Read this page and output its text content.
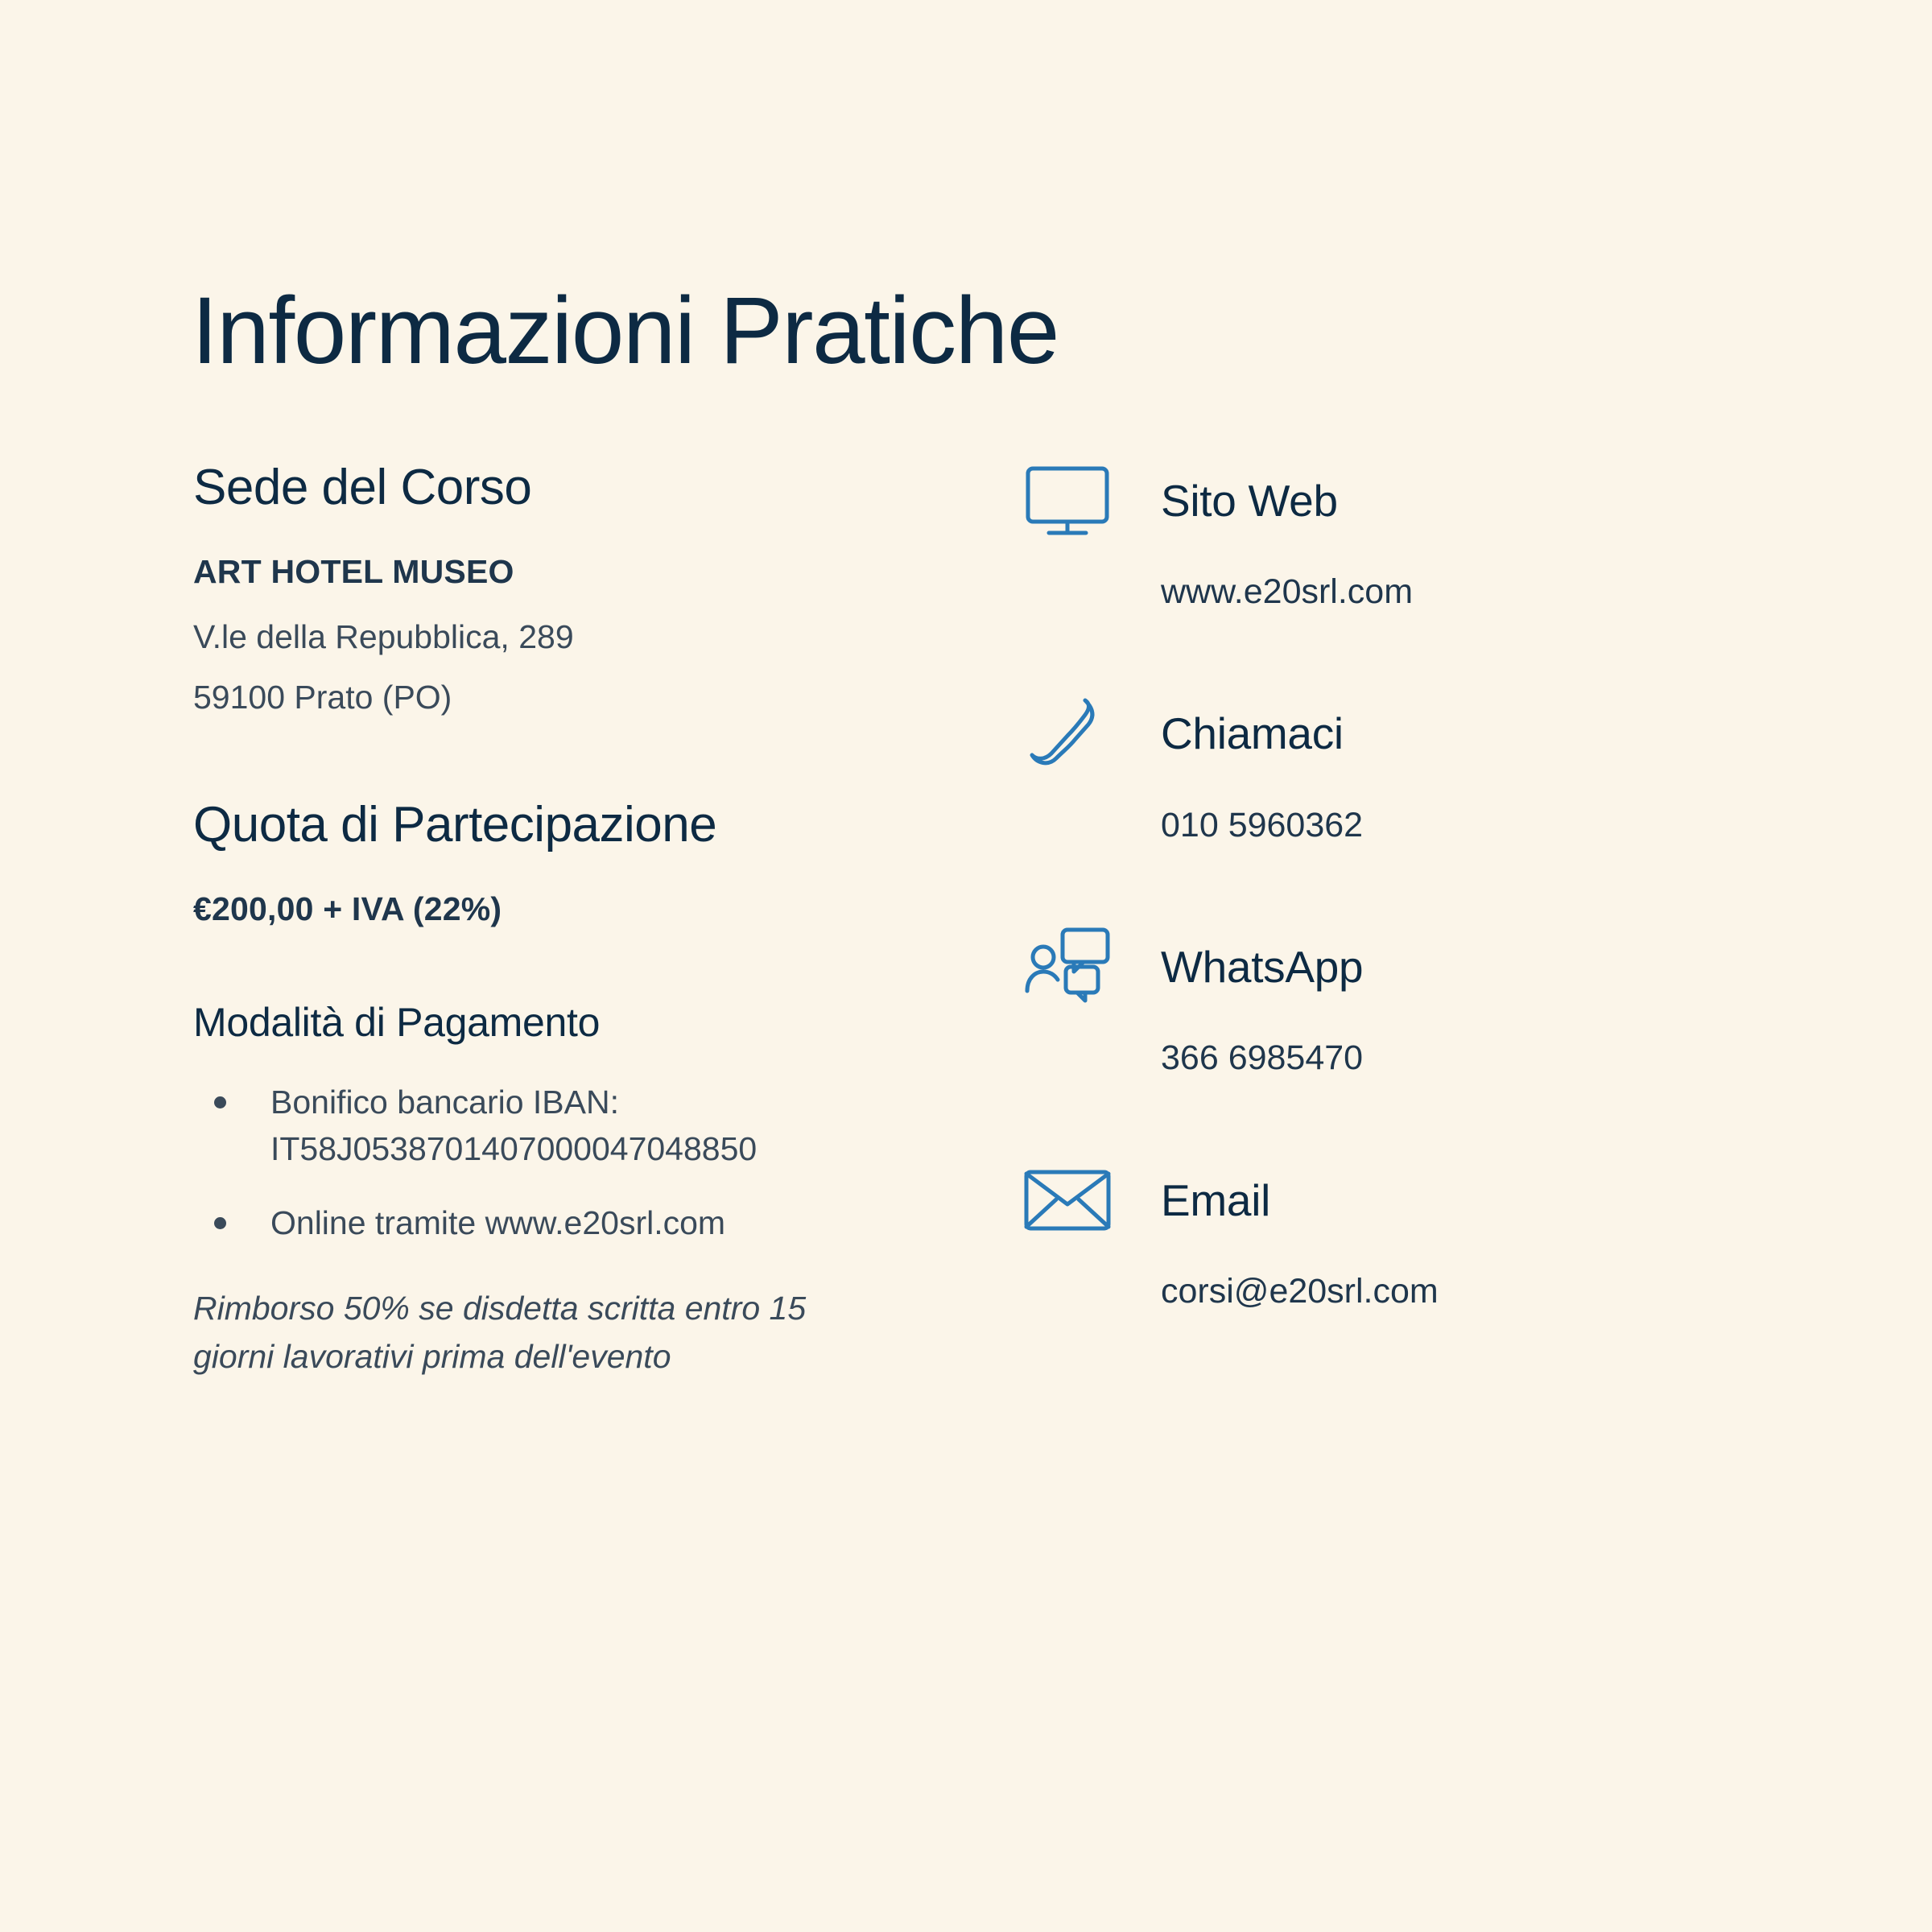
Informazioni Pratiche
Sede del Corso

ART HOTEL MUSEO

V.le della Repubblica, 289

59100 Prato (PO)

Quota di Partecipazione

€200,00 + IVA (22%)

Modalità di Pagamento
Bonifico bancario IBAN: IT58J0538701407000047048850
Online tramite www.e20srl.com

Rimborso 50% se disdetta scritta entro 15 giorni lavorativi prima dell'evento

Sito Web
www.e20srl.com
Chiamaci
010 5960362
WhatsApp
366 6985470
Email
corsi@e20srl.com
